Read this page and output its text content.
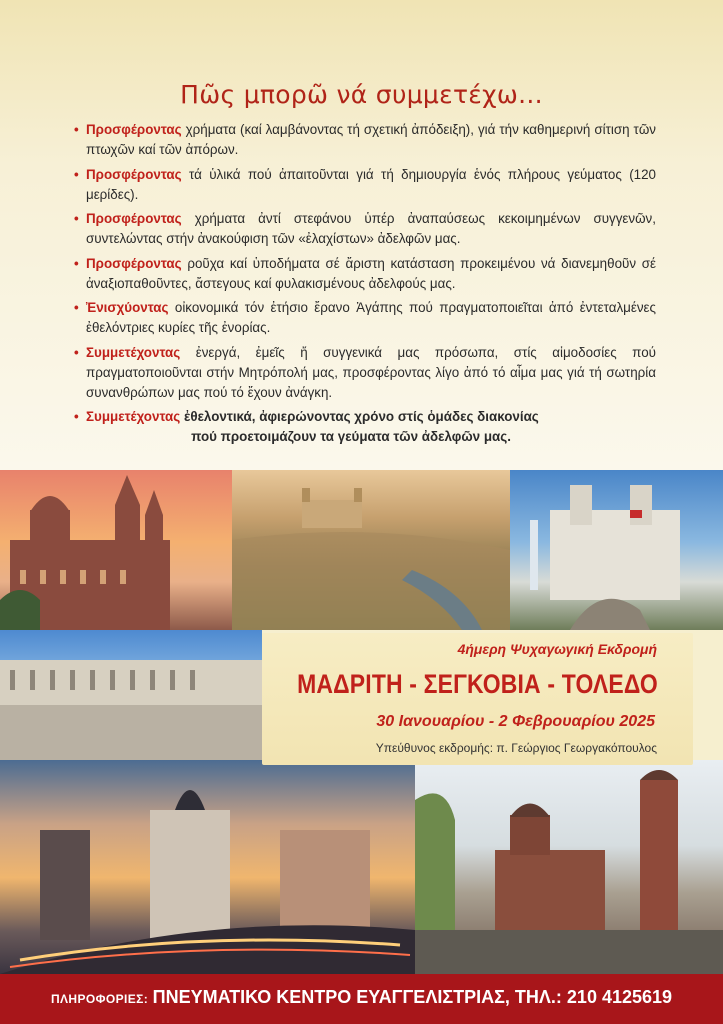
Πῶς μπορῶ νά συμμετέχω...
• Προσφέροντας χρήματα (καί λαμβάνοντας τή σχετική ἀπόδειξη), γιά τήν καθημερινή σίτιση τῶν πτωχῶν καί τῶν ἀπόρων.
• Προσφέροντας τά ὑλικά πού ἀπαιτοῦνται γιά τή δημιουργία ἑνός πλήρους γεύματος (120 μερίδες).
• Προσφέροντας χρήματα ἀντί στεφάνου ὑπέρ ἀναπαύσεως κεκοιμημένων συγγενῶν, συντελώντας στήν ἀνακούφιση τῶν «ἐλαχίστων» ἀδελφῶν μας.
• Προσφέροντας ροῦχα καί ὑποδήματα σέ ἄριστη κατάσταση προκειμένου νά διανεμηθοῦν σέ ἀναξιοπαθοῦντες, ἄστεγους καί φυλακισμένους ἀδελφούς μας.
• Ἐνισχύοντας οἰκονομικά τόν ἐτήσιο ἔρανο Ἀγάπης πού πραγματοποιεῖται ἀπό ἐντεταλμένες ἐθελόντριες κυρίες τῆς ἐνορίας.
• Συμμετέχοντας ἐνεργά, ἐμεῖς ἤ συγγενικά μας πρόσωπα, στίς αἱμοδοσίες πού πραγματοποιοῦνται στήν Μητρόπολή μας, προσφέροντας λίγο ἀπό τό αἷμα μας γιά τή σωτηρία συνανθρώπων μας πού τό ἔχουν ἀνάγκη.
• Συμμετέχοντας ἐθελοντικά, ἀφιερώνοντας χρόνο στίς ὁμάδες διακονίας
πού προετοιμάζουν τα γεύματα τῶν ἀδελφῶν μας.
4ήμερη Ψυχαγωγική Εκδρομή
ΜΑΔΡΙΤΗ - ΣΕΓΚΟΒΙΑ - ΤΟΛΕΔΟ
30 Ιανουαρίου - 2 Φεβρουαρίου 2025
Υπεύθυνος εκδρομής: π. Γεώργιος Γεωργακόπουλος
ΠΛΗΡΟΦΟΡΙΕΣ: ΠΝΕΥΜΑΤΙΚΟ ΚΕΝΤΡΟ ΕΥΑΓΓΕΛΙΣΤΡΙΑΣ, ΤΗΛ.: 210 4125619
